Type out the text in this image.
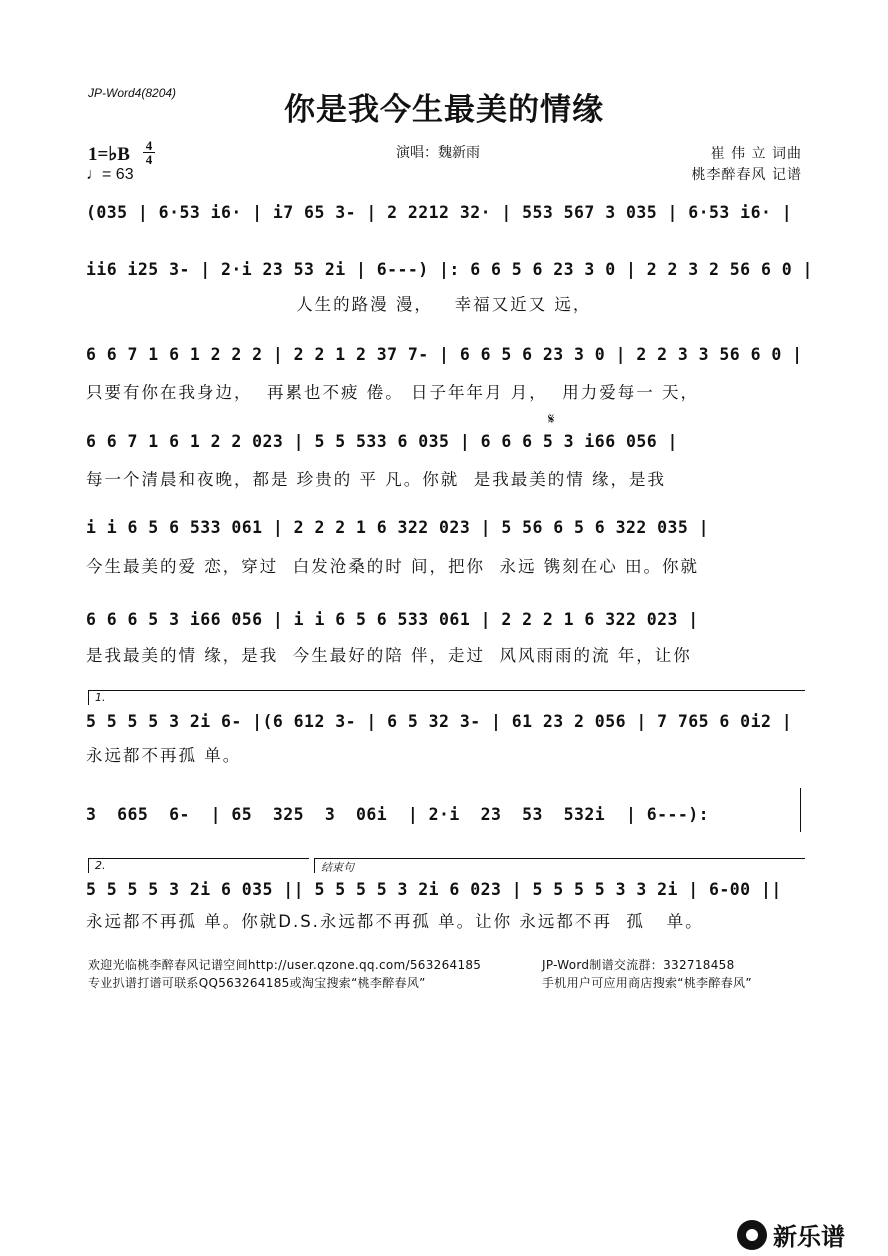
JP-Word4(8204)	你是我今生最美的情缘
1=♭B 4
4
♩= 63
演唱：魏新雨	崔 伟 立 词曲
桃李醉春风 记谱
(035 | 6·53 i6· | i7 65 3- | 2 2212 32· | 553 567 3 035 | 6·53 i6· |
ii6 i25 3- | 2·i 23 53 2i | 6---) |: 6 6 5 6 23 3 0 | 2 2 3 2 56 6 0 |
人生的路漫 漫，   幸福又近又 远，
6 6 7 1 6 1 2 2 2 | 2 2 1 2 37 7- | 6 6 5 6 23 3 0 | 2 2 3 3 56 6 0 |
只要有你在我身边，  再累也不疲 倦。 日子年年月 月，  用力爱每一 天，
𝄋
6 6 7 1 6 1 2 2 023 | 5 5 533 6 035 | 6 6 6 5 3 i66 056 |
每一个清晨和夜晚，都是 珍贵的 平 凡。你就  是我最美的情 缘，是我
i i 6 5 6 533 061 | 2 2 2 1 6 322 023 | 5 56 6 5 6 322 035 |
今生最美的爱 恋，穿过  白发沧桑的时 间，把你  永远 镌刻在心 田。你就
6 6 6 5 3 i66 056 | i i 6 5 6 533 061 | 2 2 2 1 6 322 023 |
是我最美的情 缘，是我  今生最好的陪 伴，走过  风风雨雨的流 年，让你
1.
5 5 5 5 3 2i 6- |(6 612 3- | 6 5 32 3- | 61 23 2 056 | 7 765 6 0i2 |
永远都不再孤 单。
3  665  6-  | 65  325  3  06i  | 2·i  23  53  532i  | 6---):
2.	结束句
5 5 5 5 3 2i 6 035 || 5 5 5 5 3 2i 6 023 | 5 5 5 5 3 3 2i | 6-00 ||
永远都不再孤 单。你就D.S.永远都不再孤 单。让你 永远都不再  孤   单。
欢迎光临桃李醉春风记谱空间http://user.qzone.qq.com/563264185	JP-Word制谱交流群：332718458
专业扒谱打谱可联系QQ563264185或淘宝搜索“桃李醉春风”	手机用户可应用商店搜索“桃李醉春风”
新乐谱
